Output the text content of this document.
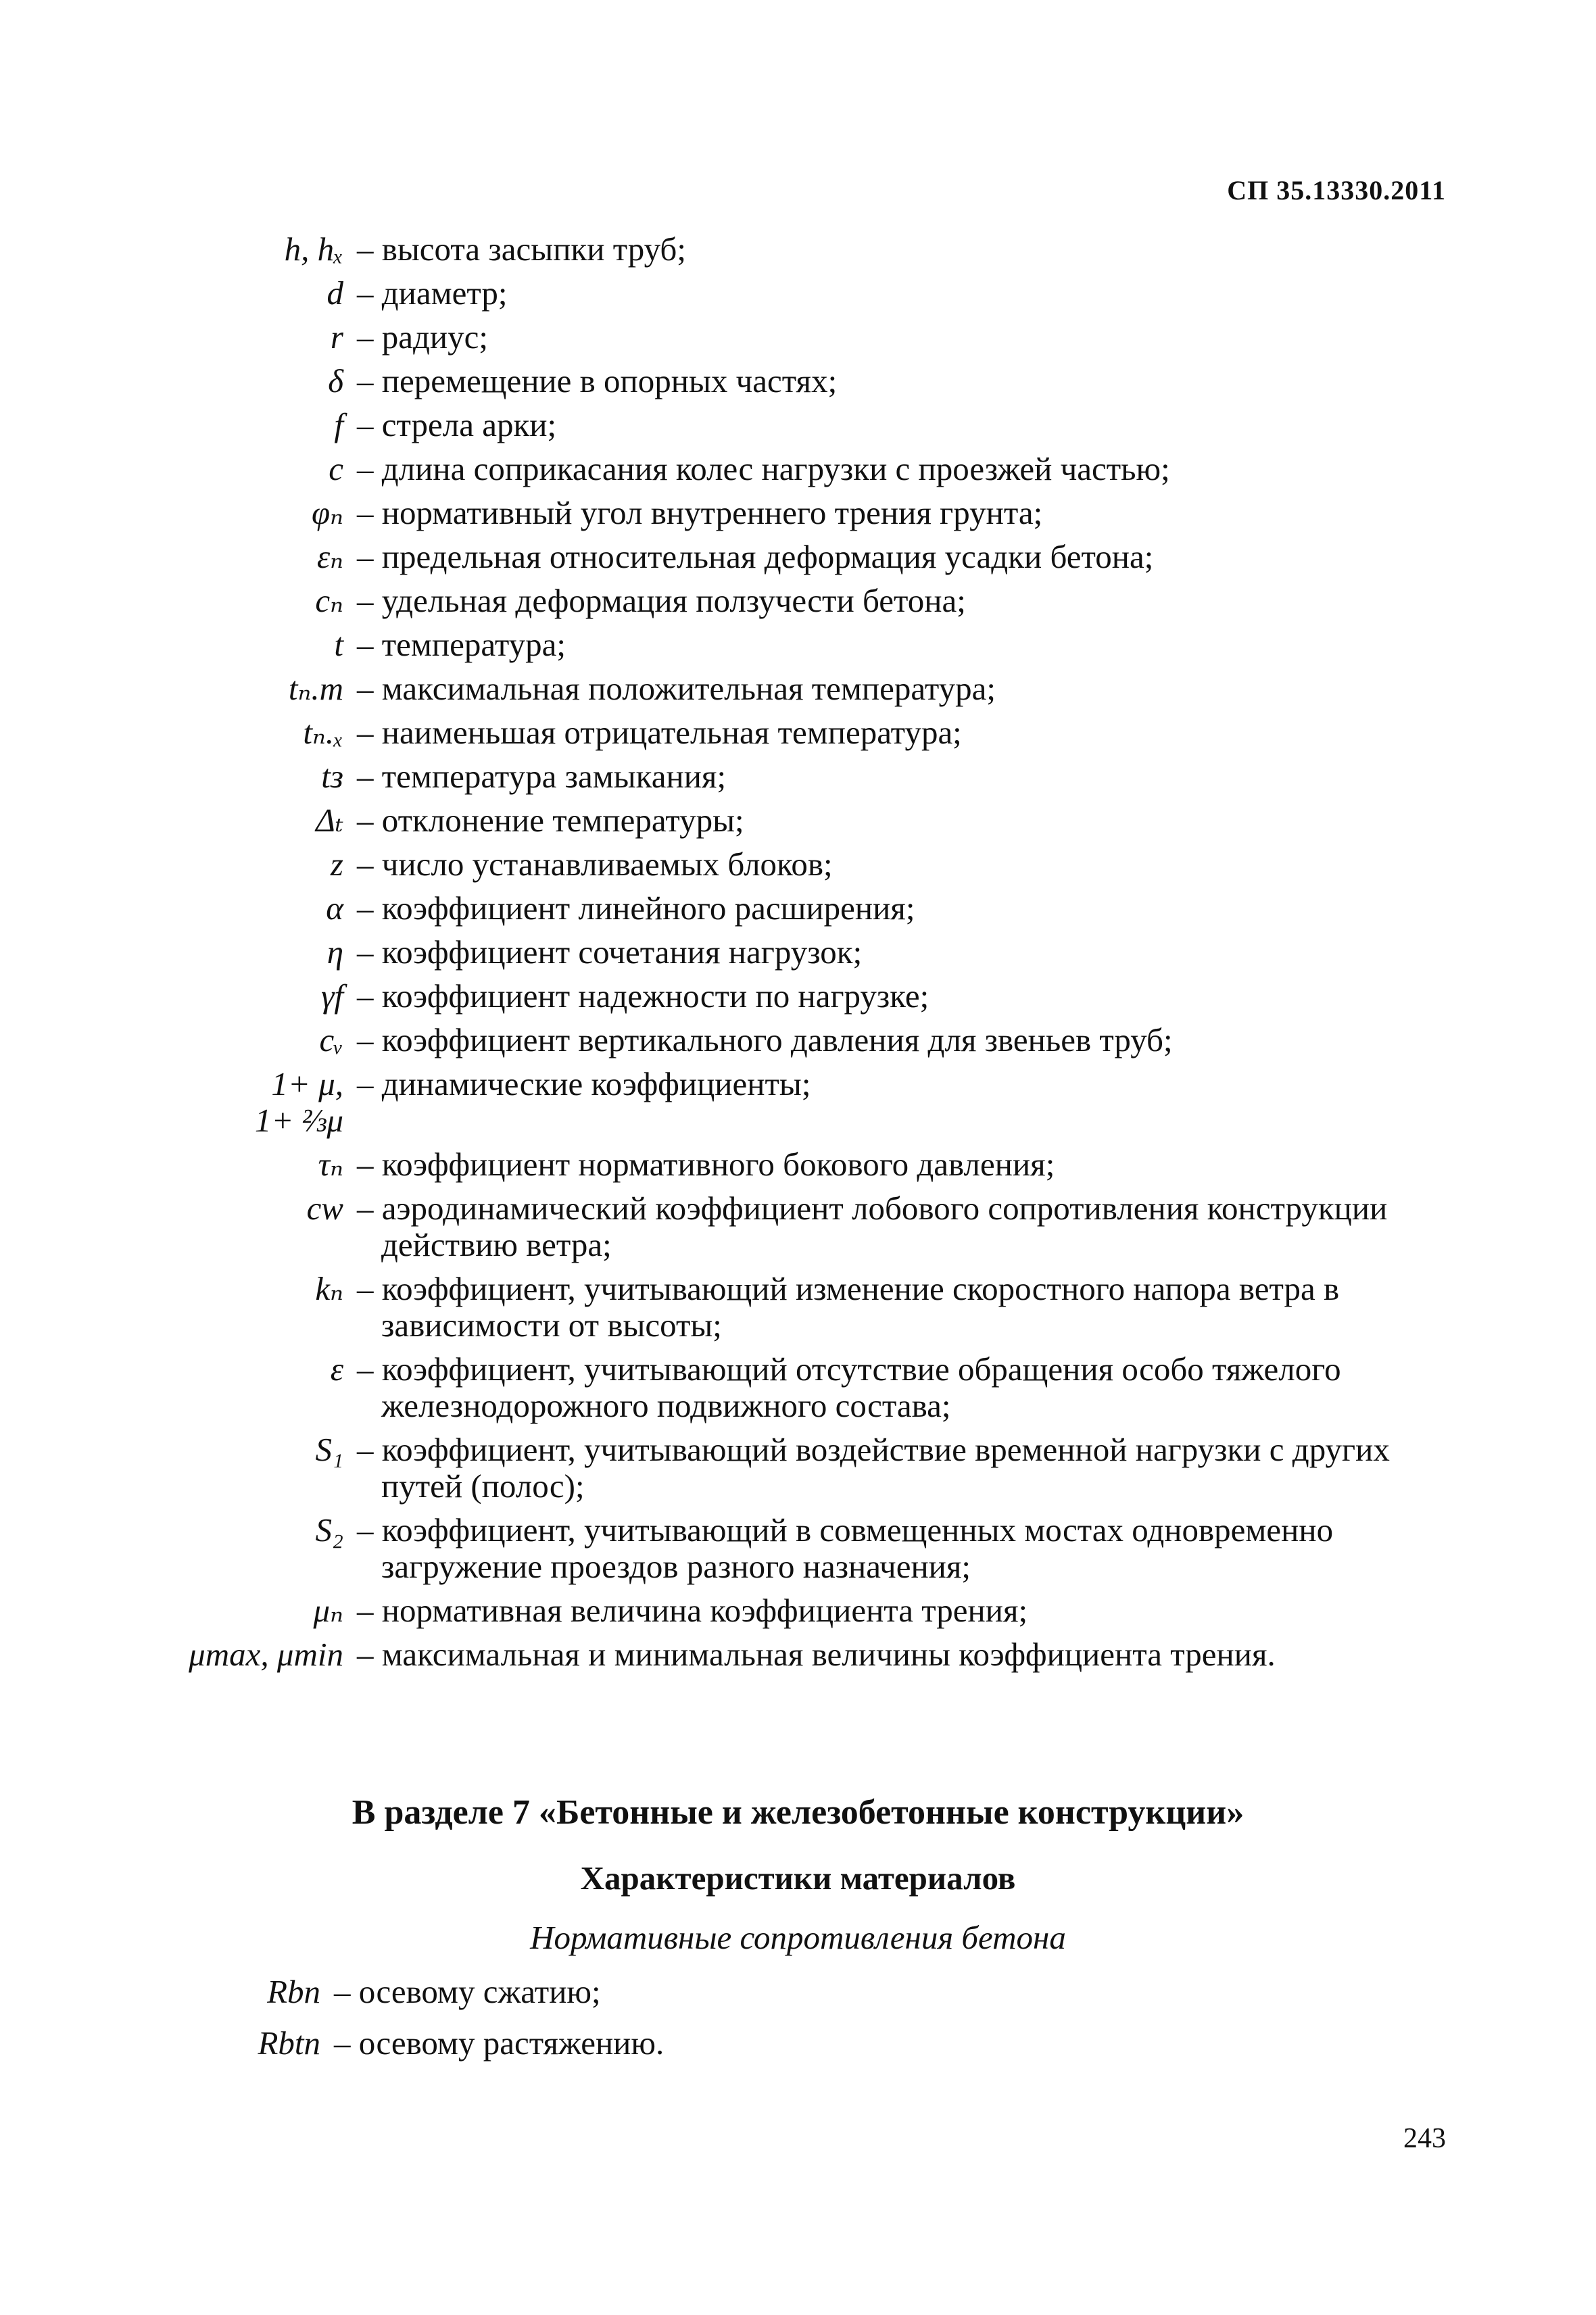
СП 35.13330.2011
h, hₓ – высота засыпки труб;
d – диаметр;
r – радиус;
δ – перемещение в опорных частях;
f – стрела арки;
c – длина соприкасания колес нагрузки с проезжей частью;
φₙ – нормативный угол внутреннего трения грунта;
εₙ – предельная относительная деформация усадки бетона;
cₙ – удельная деформация ползучести бетона;
t – температура;
tₙ.т – максимальная положительная температура;
tₙ.ₓ – наименьшая отрицательная температура;
tз – температура замыкания;
Δₜ – отклонение температуры;
z – число устанавливаемых блоков;
α – коэффициент линейного расширения;
η – коэффициент сочетания нагрузок;
γf – коэффициент надежности по нагрузке;
cᵥ – коэффициент вертикального давления для звеньев труб;
1+ μ,
1+ ⅔μ
– динамические коэффициенты;
τₙ – коэффициент нормативного бокового давления;
cw – аэродинамический коэффициент лобового сопротивления конструкции действию ветра;
kₙ – коэффициент, учитывающий изменение скоростного напора ветра в зависимости от высоты;
ε – коэффициент, учитывающий отсутствие обращения особо тяжелого железнодорожного подвижного состава;
S₁ – коэффициент, учитывающий воздействие временной нагрузки с других путей (полос);
S₂ – коэффициент, учитывающий в совмещенных мостах одновременно загружение проездов разного назначения;
μₙ – нормативная величина коэффициента трения;
μmax, μmin – максимальная и минимальная величины коэффициента трения.
В разделе 7 «Бетонные и железобетонные конструкции»
Характеристики материалов
Нормативные сопротивления бетона
Rbn – осевому сжатию;
Rbtn – осевому растяжению.
243
